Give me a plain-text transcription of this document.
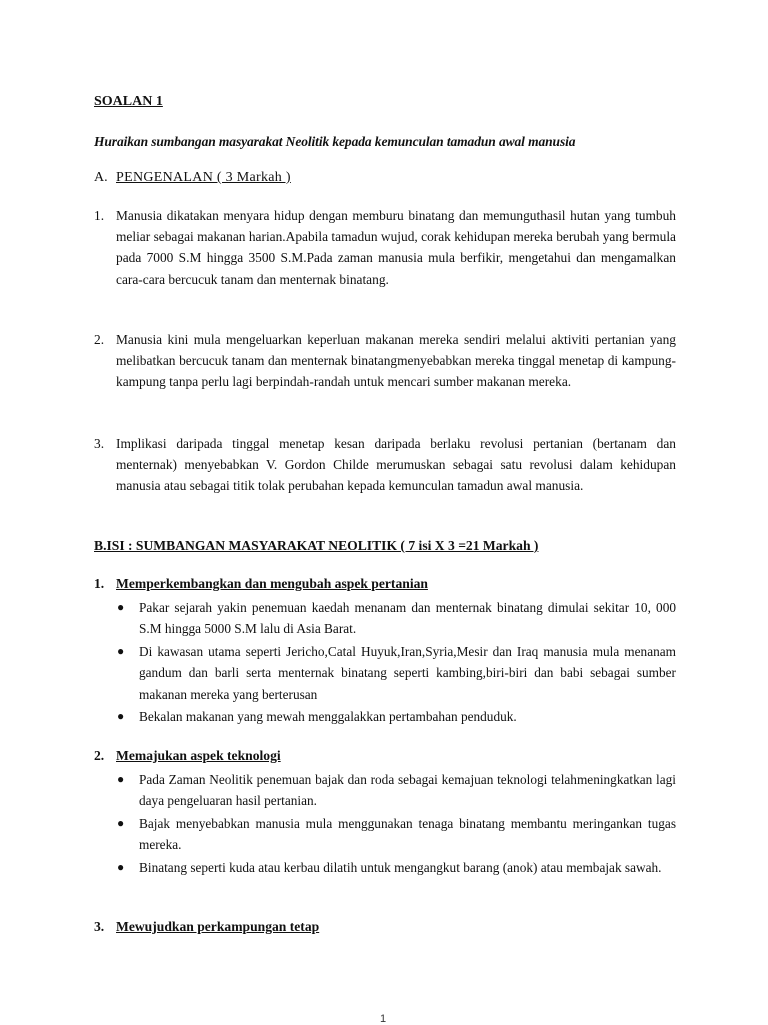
SOALAN 1
Huraikan sumbangan masyarakat Neolitik kepada kemunculan tamadun awal manusia
A. PENGENALAN ( 3 Markah )
1. Manusia dikatakan menyara hidup dengan memburu binatang dan memunguthasil hutan yang tumbuh meliar sebagai makanan harian.Apabila tamadun wujud, corak kehidupan mereka berubah yang bermula pada 7000 S.M hingga 3500 S.M.Pada zaman manusia mula berfikir, mengetahui dan mengamalkan cara-cara bercucuk tanam dan menternak binatang.
2. Manusia kini mula mengeluarkan keperluan makanan mereka sendiri melalui aktiviti pertanian yang melibatkan bercucuk tanam dan menternak binatangmenyebabkan mereka tinggal menetap di kampung-kampung tanpa perlu lagi berpindah-randah untuk mencari sumber makanan mereka.
3. Implikasi daripada tinggal menetap kesan daripada berlaku revolusi pertanian (bertanam dan menternak) menyebabkan V. Gordon Childe merumuskan sebagai satu revolusi dalam kehidupan manusia atau sebagai titik tolak perubahan kepada kemunculan tamadun awal manusia.
B.ISI : SUMBANGAN MASYARAKAT NEOLITIK ( 7 isi X 3 =21 Markah )
1. Memperkembangkan dan mengubah aspek pertanian
● Pakar sejarah yakin penemuan kaedah menanam dan menternak binatang dimulai sekitar 10, 000 S.M hingga 5000 S.M lalu di Asia Barat.
● Di kawasan utama seperti Jericho,Catal Huyuk,Iran,Syria,Mesir dan Iraq manusia mula menanam gandum dan barli serta menternak binatang seperti kambing,biri-biri dan babi sebagai sumber makanan mereka yang berterusan
● Bekalan makanan yang mewah menggalakkan pertambahan penduduk.
2. Memajukan aspek teknologi
● Pada Zaman Neolitik penemuan bajak dan roda sebagai kemajuan teknologi telahmeningkatkan lagi daya pengeluaran hasil pertanian.
● Bajak menyebabkan manusia mula menggunakan tenaga binatang membantu meringankan tugas mereka.
● Binatang seperti kuda atau kerbau dilatih untuk mengangkut barang (anok) atau membajak sawah.
3. Mewujudkan perkampungan tetap
1
